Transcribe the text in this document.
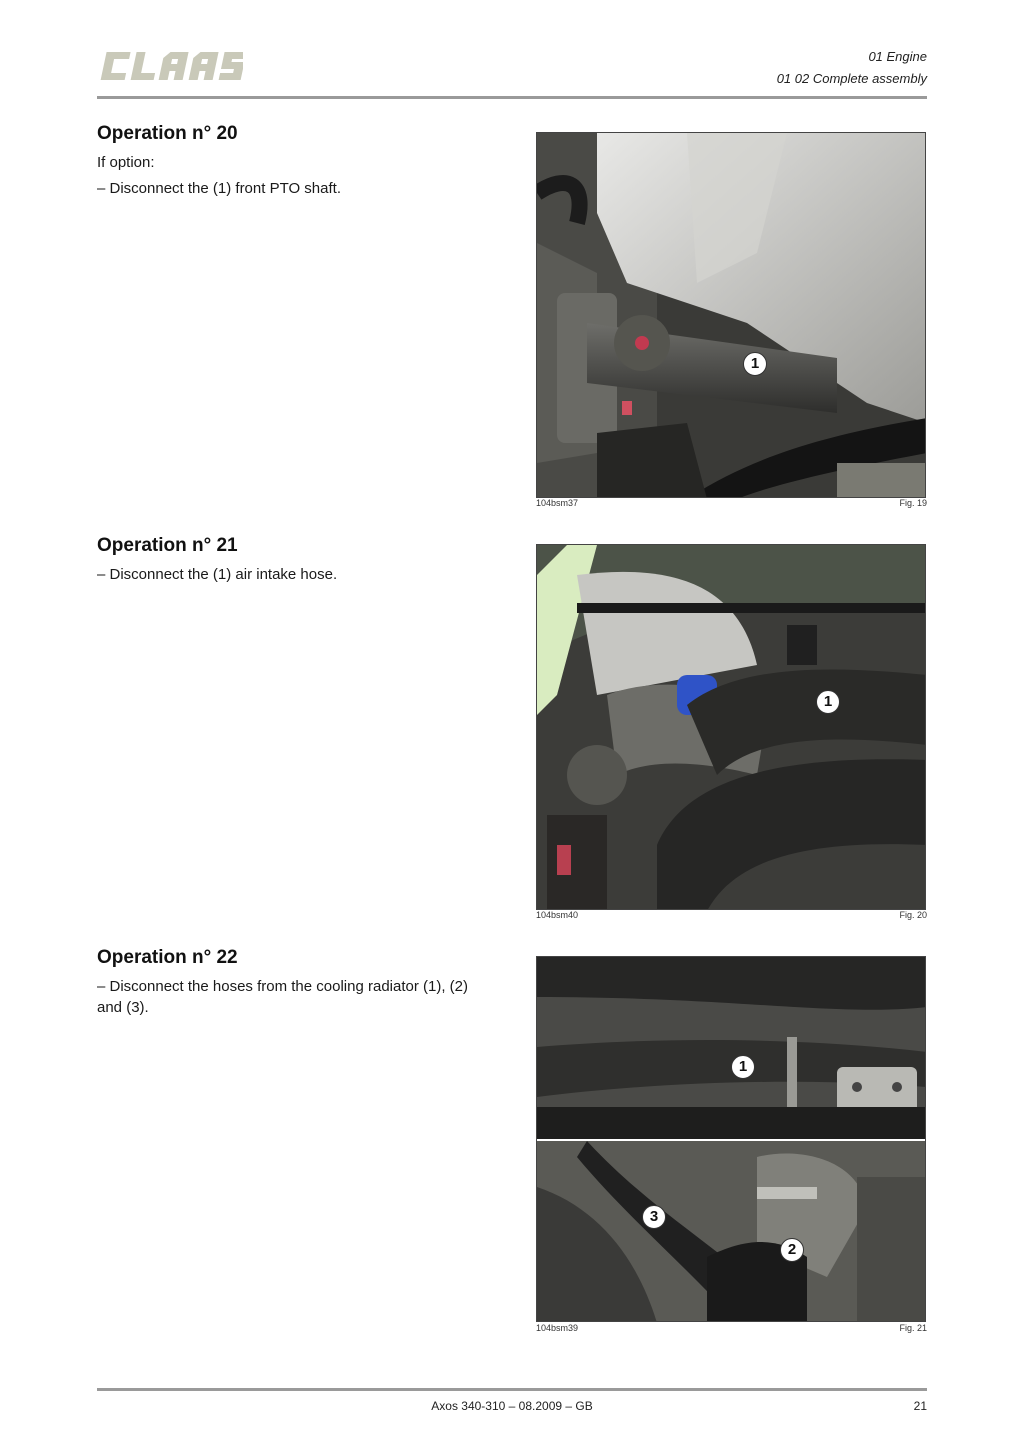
01 Engine
01 02 Complete assembly
Operation n° 20

If option:

– Disconnect the (1) front PTO shaft.

1
104bsm37	Fig. 19
Operation n° 21

– Disconnect the (1) air intake hose.

1
104bsm40	Fig. 20
Operation n° 22

– Disconnect the hoses from the cooling radiator (1), (2) and (3).

1
3
2
104bsm39	Fig. 21
Axos 340-310 – 08.2009 – GB	21
